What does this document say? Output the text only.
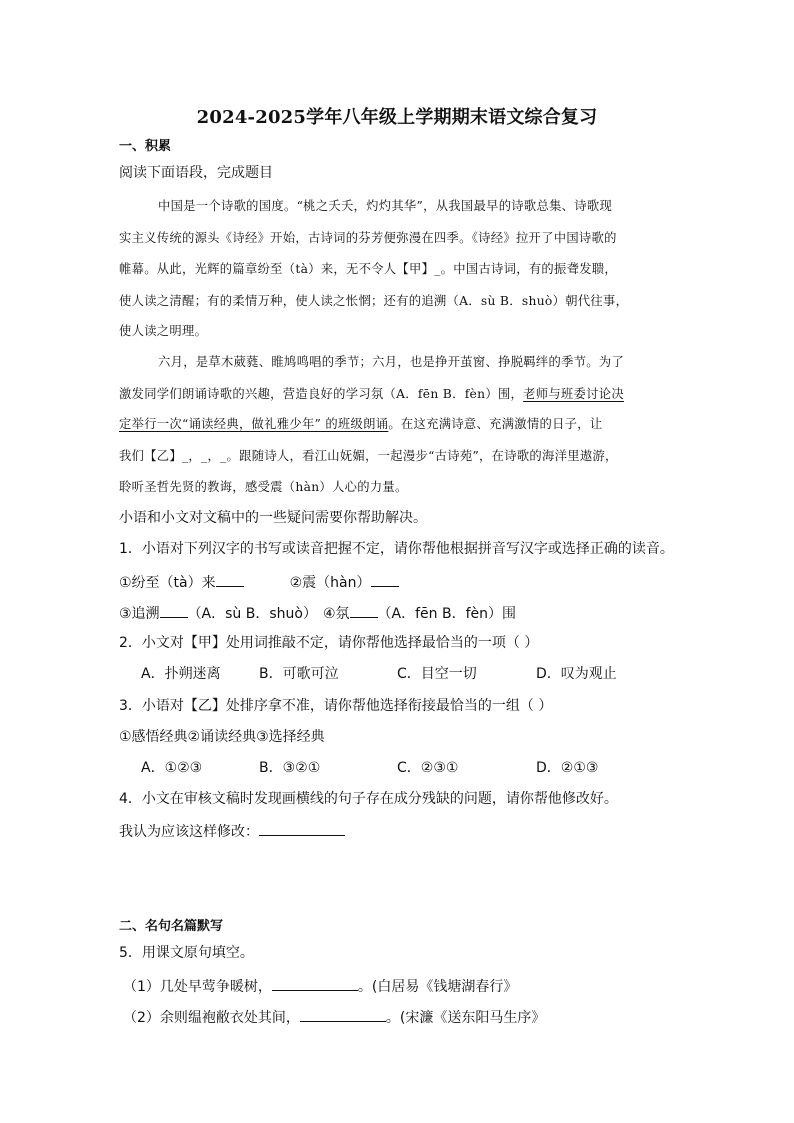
2024-2025学年八年级上学期期末语文综合复习
一、积累
阅读下面语段，完成题目
中国是一个诗歌的国度。“桃之夭夭，灼灼其华”，从我国最早的诗歌总集、诗歌现
实主义传统的源头《诗经》开始，古诗词的芬芳便弥漫在四季。《诗经》拉开了中国诗歌的
帷幕。从此，光辉的篇章纷至（tà）来，无不令人【甲】_。中国古诗词，有的振聋发聩，
使人读之清醒；有的柔情万种，使人读之怅惘；还有的追溯（A．sù B．shuò）朝代往事，
使人读之明理。
六月，是草木葳蕤、睢鸠鸣唱的季节；六月，也是挣开茧窗、挣脱羁绊的季节。为了
激发同学们朗诵诗歌的兴趣，营造良好的学习氛（A．fēn B．fèn）围，老师与班委讨论决
定举行一次“诵读经典，做礼雅少年” 的班级朗诵。在这充满诗意、充满激情的日子，让
我们【乙】_，_，_。跟随诗人，看江山妩媚，一起漫步“古诗苑”，在诗歌的海洋里遨游，
聆听圣哲先贤的教诲，感受震（hàn）人心的力量。
小语和小文对文稿中的一些疑问需要你帮助解决。
1．小语对下列汉字的书写或读音把握不定，请你帮他根据拼音写汉字或选择正确的读音。
①纷至（tà）来	②震（hàn）
③追溯 （A．sù B．shuò） ④氛 （A．fēn B．fèn）围
2．小文对【甲】处用词推敲不定，请你帮他选择最恰当的一项（ ）
A．扑朔迷离	B．可歌可泣	C．目空一切	D．叹为观止
3．小语对【乙】处排序拿不准，请你帮他选择衔接最恰当的一组（ ）
①感悟经典②诵读经典③选择经典
A．①②③	B．③②①	C．②③①	D．②①③
4．小文在审核文稿时发现画横线的句子存在成分残缺的问题，请你帮他修改好。
我认为应该这样修改：
二、名句名篇默写
5．用课文原句填空。
（1）几处早莺争暖树，	。(白居易《钱塘湖春行》
（2）余则缊袍敝衣处其间，	。(宋濂《送东阳马生序》
